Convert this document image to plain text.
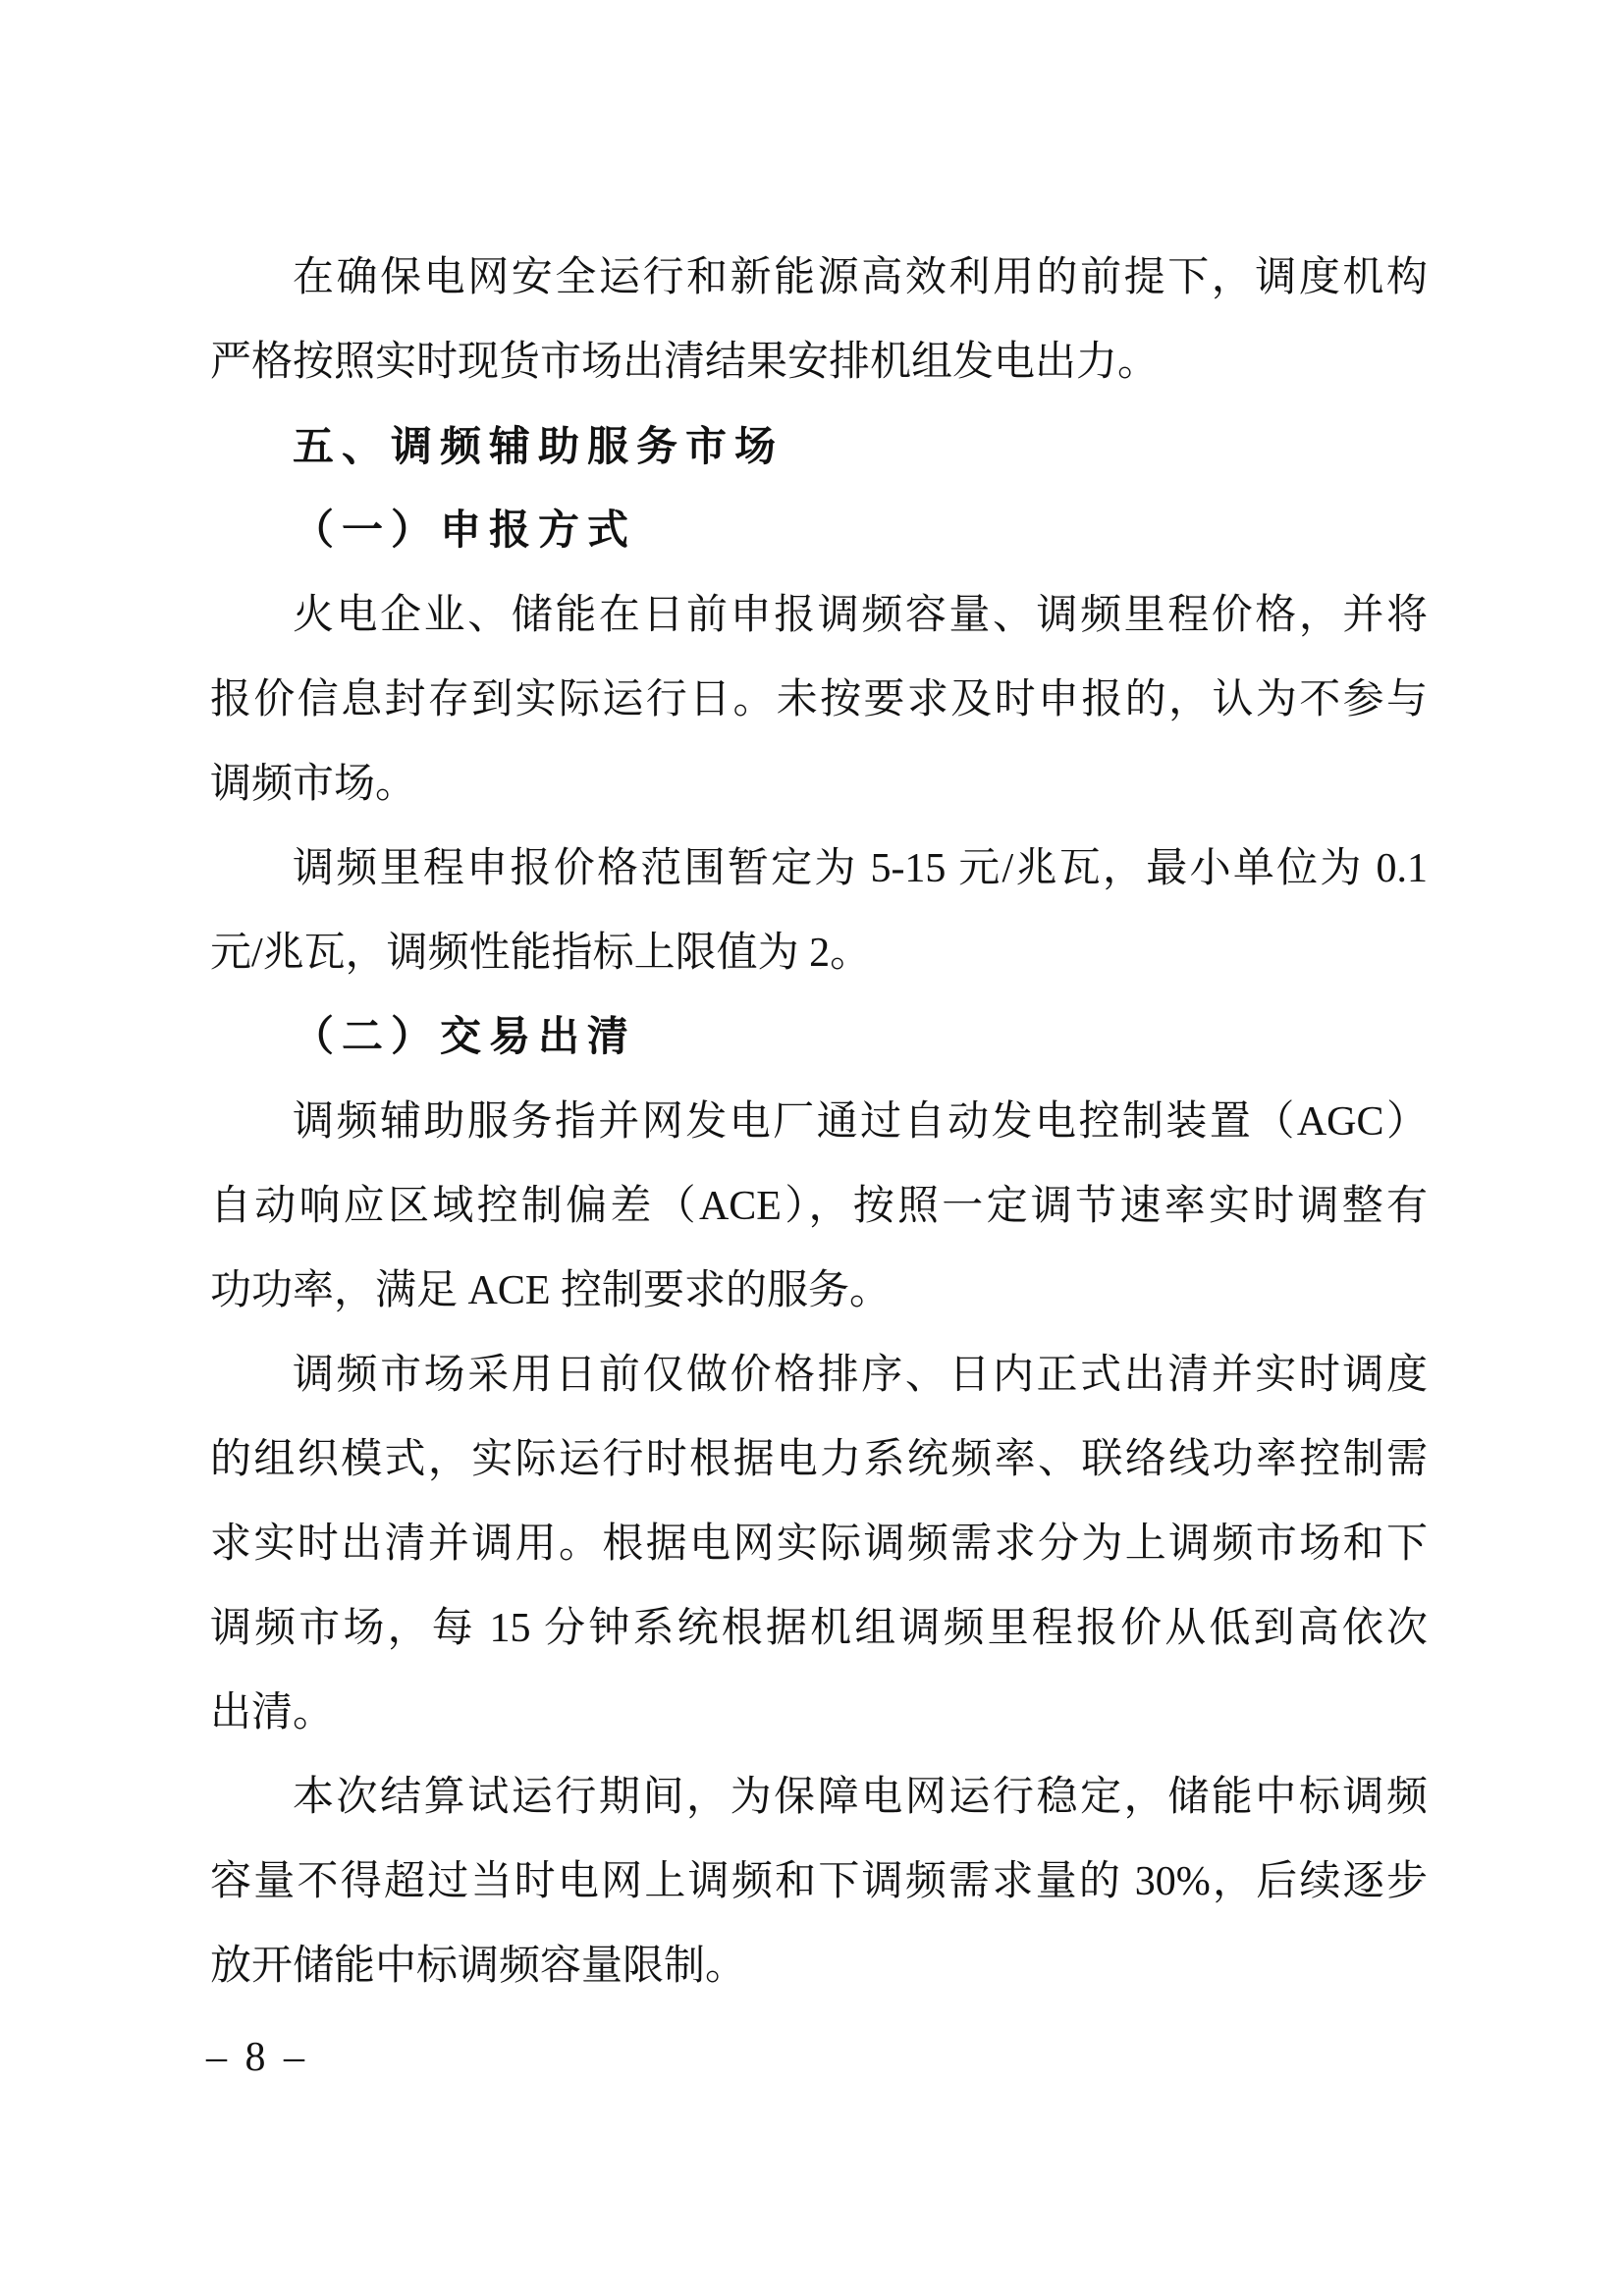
在确保电网安全运行和新能源高效利用的前提下，调度机构
严格按照实时现货市场出清结果安排机组发电出力。
五、调频辅助服务市场
（一）申报方式
火电企业、储能在日前申报调频容量、调频里程价格，并将
报价信息封存到实际运行日。未按要求及时申报的，认为不参与
调频市场。
调频里程申报价格范围暂定为 5-15 元/兆瓦，最小单位为 0.1
元/兆瓦，调频性能指标上限值为 2。
（二）交易出清
调频辅助服务指并网发电厂通过自动发电控制装置（AGC）
自动响应区域控制偏差（ACE），按照一定调节速率实时调整有
功功率，满足 ACE 控制要求的服务。
调频市场采用日前仅做价格排序、日内正式出清并实时调度
的组织模式，实际运行时根据电力系统频率、联络线功率控制需
求实时出清并调用。根据电网实际调频需求分为上调频市场和下
调频市场，每 15 分钟系统根据机组调频里程报价从低到高依次
出清。
本次结算试运行期间，为保障电网运行稳定，储能中标调频
容量不得超过当时电网上调频和下调频需求量的 30%，后续逐步
放开储能中标调频容量限制。
– 8 –
